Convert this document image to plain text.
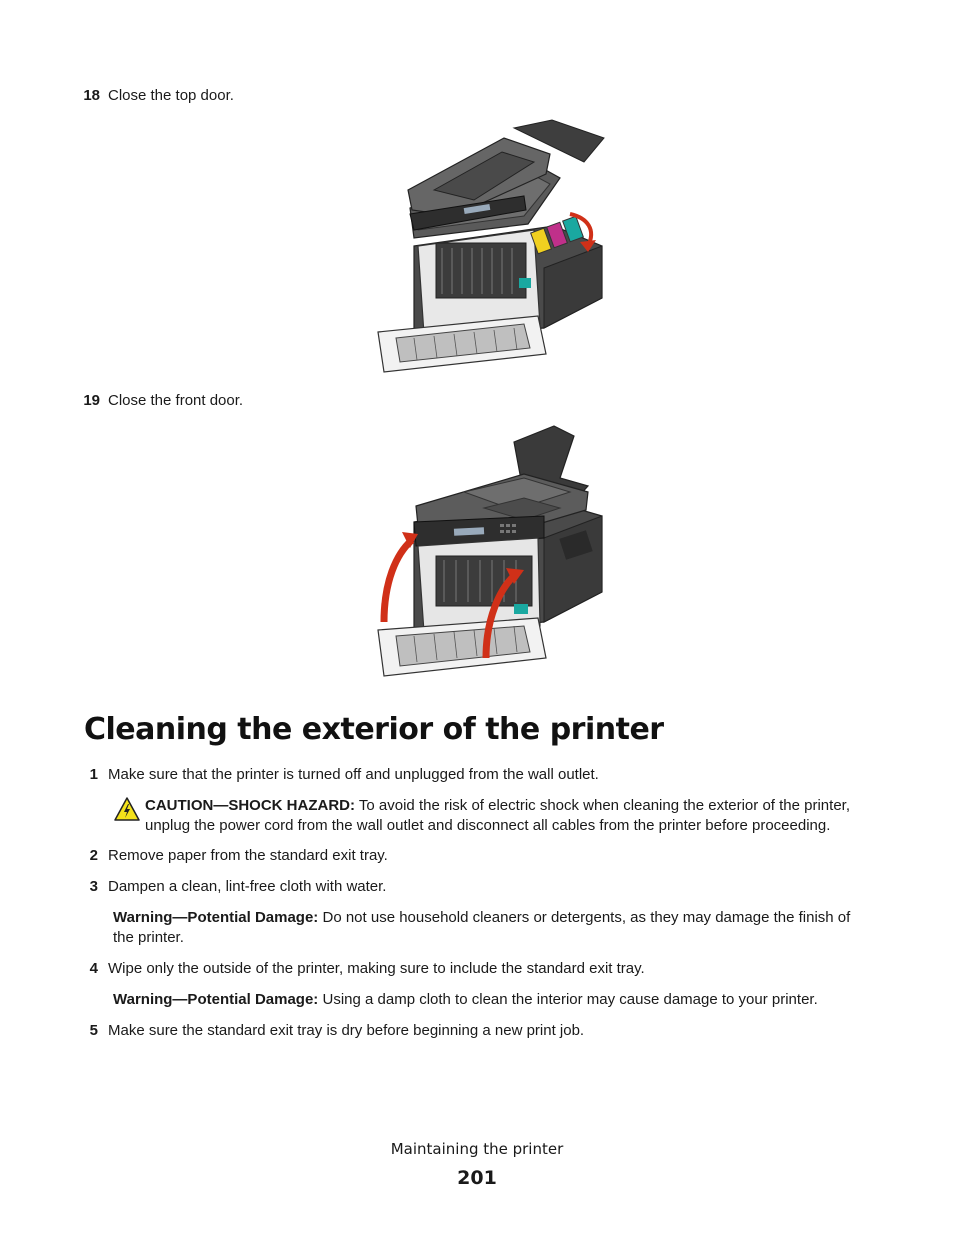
18 Close the top door.
19 Close the front door.
Cleaning the exterior of the printer
1 Make sure that the printer is turned off and unplugged from the wall outlet.
CAUTION—SHOCK HAZARD: To avoid the risk of electric shock when cleaning the exterior of the printer,
unplug the power cord from the wall outlet and disconnect all cables from the printer before proceeding.
2 Remove paper from the standard exit tray.
3 Dampen a clean, lint-free cloth with water.
Warning—Potential Damage: Do not use household cleaners or detergents, as they may damage the finish of
the printer.
4 Wipe only the outside of the printer, making sure to include the standard exit tray.
Warning—Potential Damage: Using a damp cloth to clean the interior may cause damage to your printer.
5 Make sure the standard exit tray is dry before beginning a new print job.
Maintaining the printer
201
